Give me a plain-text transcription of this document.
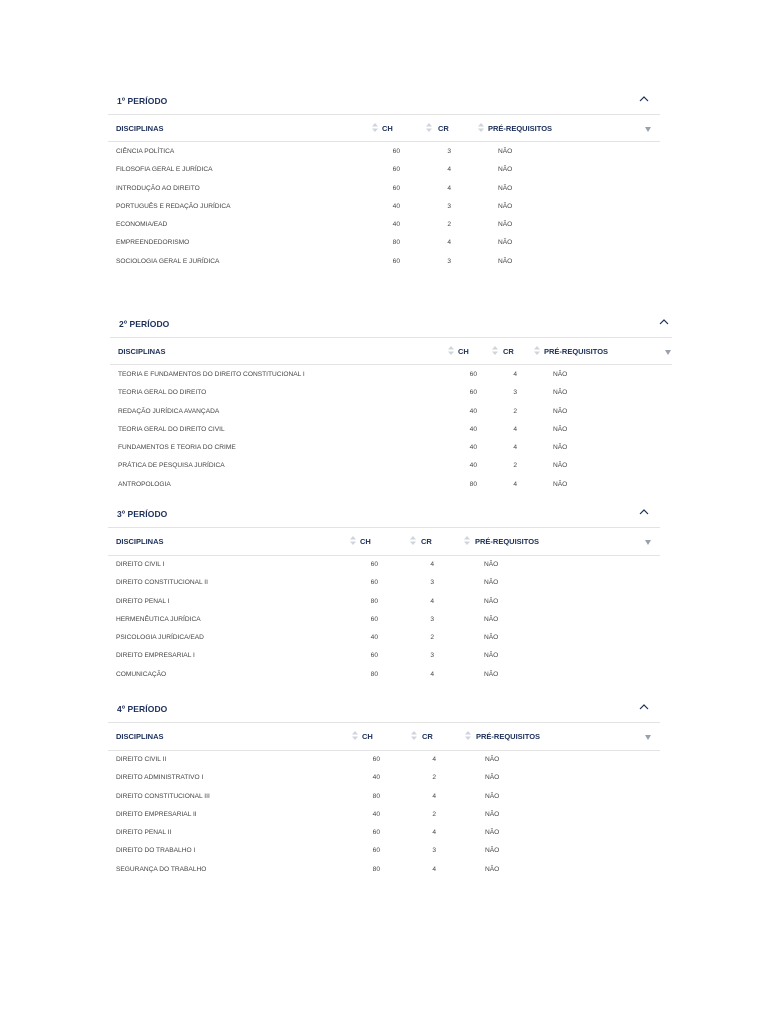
1º PERÍODO
DISCIPLINAS	CH	CR	PRÉ-REQUISITOS
CIÊNCIA POLÍTICA	60	3	NÃO
FILOSOFIA GERAL E JURÍDICA	60	4	NÃO
INTRODUÇÃO AO DIREITO	60	4	NÃO
PORTUGUÊS E REDAÇÃO JURÍDICA	40	3	NÃO
ECONOMIA/EAD	40	2	NÃO
EMPREENDEDORISMO	80	4	NÃO
SOCIOLOGIA GERAL E JURÍDICA	60	3	NÃO
2º PERÍODO
DISCIPLINAS	CH	CR	PRÉ-REQUISITOS
TEORIA E FUNDAMENTOS DO DIREITO CONSTITUCIONAL I	60	4	NÃO
TEORIA GERAL DO DIREITO	60	3	NÃO
REDAÇÃO JURÍDICA AVANÇADA	40	2	NÃO
TEORIA GERAL DO DIREITO CIVIL	40	4	NÃO
FUNDAMENTOS E TEORIA DO CRIME	40	4	NÃO
PRÁTICA DE PESQUISA JURÍDICA	40	2	NÃO
ANTROPOLOGIA	80	4	NÃO
3º PERÍODO
DISCIPLINAS	CH	CR	PRÉ-REQUISITOS
DIREITO CIVIL I	60	4	NÃO
DIREITO CONSTITUCIONAL II	60	3	NÃO
DIREITO PENAL I	80	4	NÃO
HERMENÊUTICA JURÍDICA	60	3	NÃO
PSICOLOGIA JURÍDICA/EAD	40	2	NÃO
DIREITO EMPRESARIAL I	60	3	NÃO
COMUNICAÇÃO	80	4	NÃO
4º PERÍODO
DISCIPLINAS	CH	CR	PRÉ-REQUISITOS
DIREITO CIVIL II	60	4	NÃO
DIREITO ADMINISTRATIVO I	40	2	NÃO
DIREITO CONSTITUCIONAL III	80	4	NÃO
DIREITO EMPRESARIAL II	40	2	NÃO
DIREITO PENAL II	60	4	NÃO
DIREITO DO TRABALHO I	60	3	NÃO
SEGURANÇA DO TRABALHO	80	4	NÃO
